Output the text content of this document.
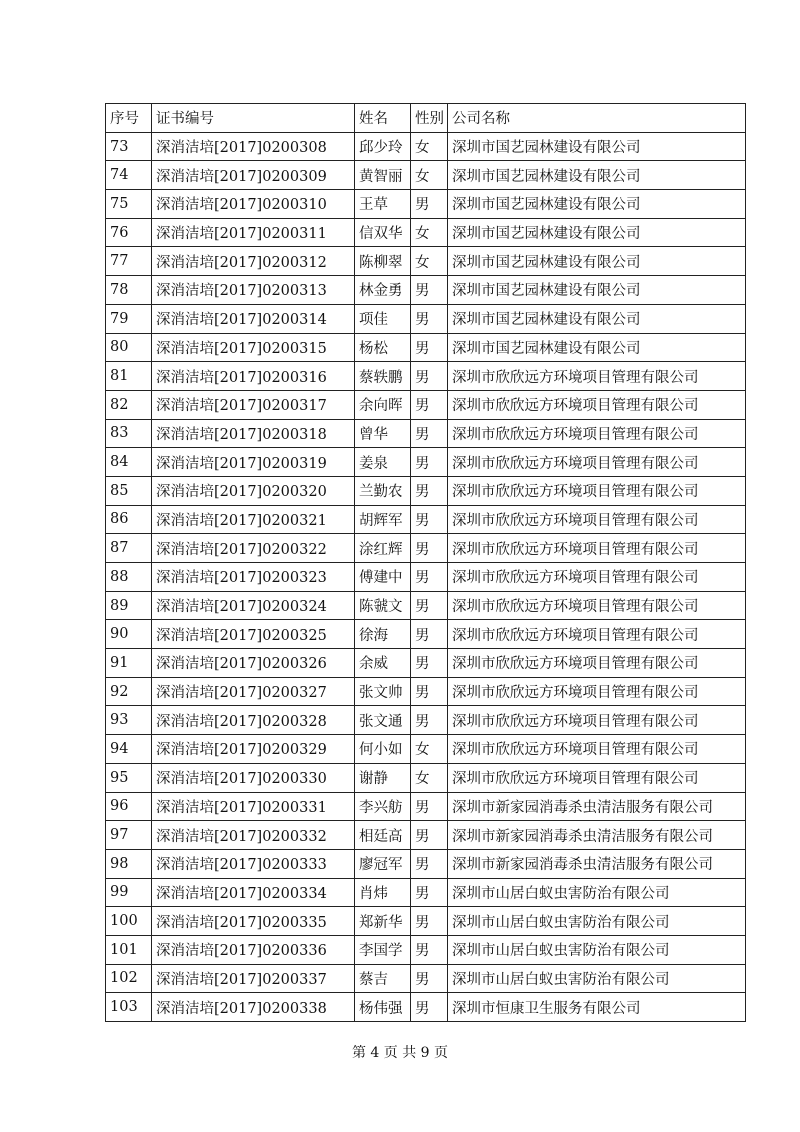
序号	证书编号	姓名	性别	公司名称
73	深消洁培[2017]0200308	邱少玲	女	深圳市国艺园林建设有限公司
74	深消洁培[2017]0200309	黄智丽	女	深圳市国艺园林建设有限公司
75	深消洁培[2017]0200310	王草	男	深圳市国艺园林建设有限公司
76	深消洁培[2017]0200311	信双华	女	深圳市国艺园林建设有限公司
77	深消洁培[2017]0200312	陈柳翠	女	深圳市国艺园林建设有限公司
78	深消洁培[2017]0200313	林金勇	男	深圳市国艺园林建设有限公司
79	深消洁培[2017]0200314	项佳	男	深圳市国艺园林建设有限公司
80	深消洁培[2017]0200315	杨松	男	深圳市国艺园林建设有限公司
81	深消洁培[2017]0200316	蔡轶鹏	男	深圳市欣欣远方环境项目管理有限公司
82	深消洁培[2017]0200317	余向晖	男	深圳市欣欣远方环境项目管理有限公司
83	深消洁培[2017]0200318	曾华	男	深圳市欣欣远方环境项目管理有限公司
84	深消洁培[2017]0200319	姜泉	男	深圳市欣欣远方环境项目管理有限公司
85	深消洁培[2017]0200320	兰勤农	男	深圳市欣欣远方环境项目管理有限公司
86	深消洁培[2017]0200321	胡辉军	男	深圳市欣欣远方环境项目管理有限公司
87	深消洁培[2017]0200322	涂红辉	男	深圳市欣欣远方环境项目管理有限公司
88	深消洁培[2017]0200323	傅建中	男	深圳市欣欣远方环境项目管理有限公司
89	深消洁培[2017]0200324	陈虢文	男	深圳市欣欣远方环境项目管理有限公司
90	深消洁培[2017]0200325	徐海	男	深圳市欣欣远方环境项目管理有限公司
91	深消洁培[2017]0200326	余威	男	深圳市欣欣远方环境项目管理有限公司
92	深消洁培[2017]0200327	张文帅	男	深圳市欣欣远方环境项目管理有限公司
93	深消洁培[2017]0200328	张文通	男	深圳市欣欣远方环境项目管理有限公司
94	深消洁培[2017]0200329	何小如	女	深圳市欣欣远方环境项目管理有限公司
95	深消洁培[2017]0200330	谢静	女	深圳市欣欣远方环境项目管理有限公司
96	深消洁培[2017]0200331	李兴舫	男	深圳市新家园消毒杀虫清洁服务有限公司
97	深消洁培[2017]0200332	相廷高	男	深圳市新家园消毒杀虫清洁服务有限公司
98	深消洁培[2017]0200333	廖冠军	男	深圳市新家园消毒杀虫清洁服务有限公司
99	深消洁培[2017]0200334	肖炜	男	深圳市山居白蚁虫害防治有限公司
100	深消洁培[2017]0200335	郑新华	男	深圳市山居白蚁虫害防治有限公司
101	深消洁培[2017]0200336	李国学	男	深圳市山居白蚁虫害防治有限公司
102	深消洁培[2017]0200337	蔡吉	男	深圳市山居白蚁虫害防治有限公司
103	深消洁培[2017]0200338	杨伟强	男	深圳市恒康卫生服务有限公司
第 4 页 共 9 页
